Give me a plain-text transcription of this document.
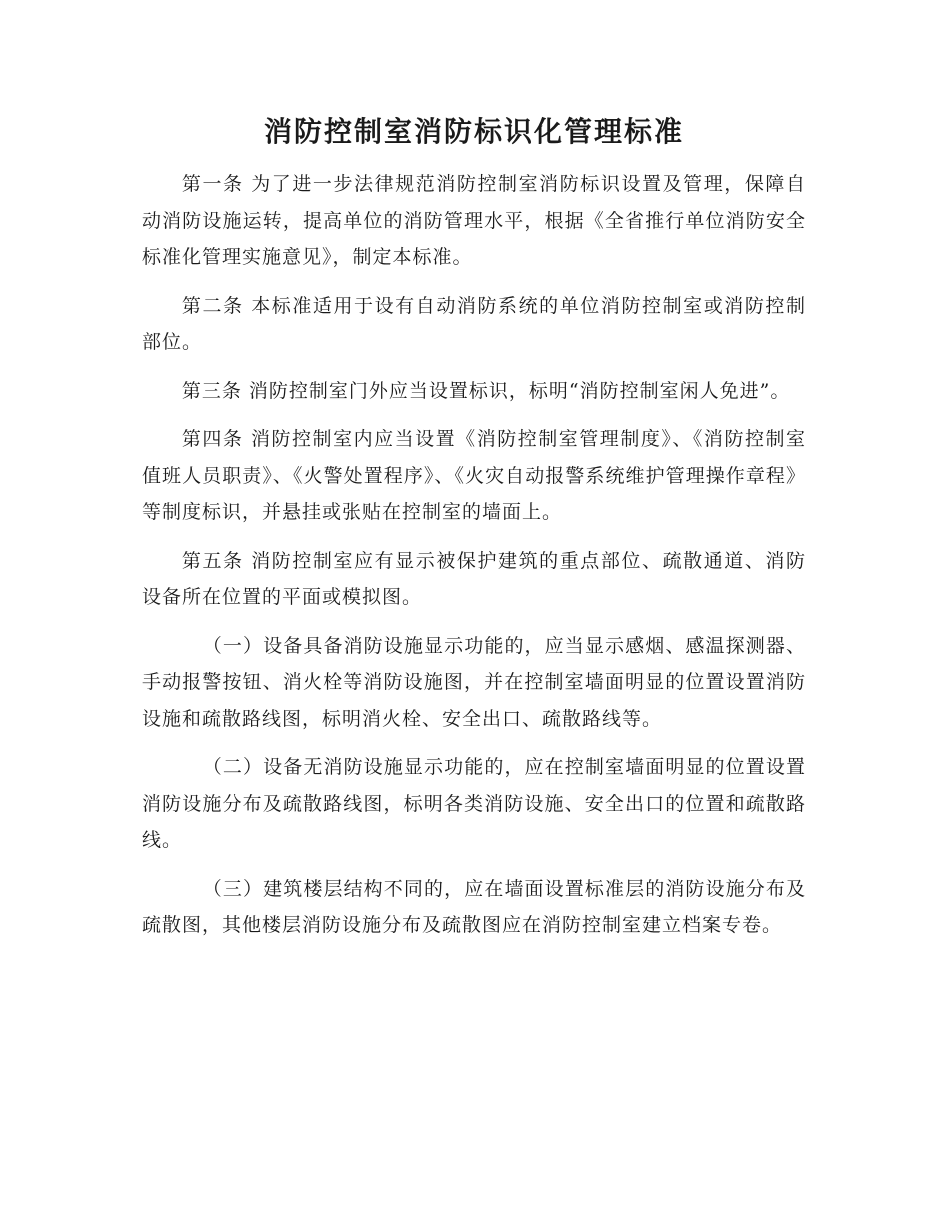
消防控制室消防标识化管理标准

第一条 为了进一步法律规范消防控制室消防标识设置及管理，保障自动消防设施运转，提高单位的消防管理水平，根据《全省推行单位消防安全标准化管理实施意见》，制定本标准。

第二条 本标准适用于设有自动消防系统的单位消防控制室或消防控制部位。

第三条 消防控制室门外应当设置标识，标明“消防控制室闲人免进”。

第四条 消防控制室内应当设置《消防控制室管理制度》、《消防控制室值班人员职责》、《火警处置程序》、《火灾自动报警系统维护管理操作章程》等制度标识，并悬挂或张贴在控制室的墙面上。

第五条 消防控制室应有显示被保护建筑的重点部位、疏散通道、消防设备所在位置的平面或模拟图。

（一）设备具备消防设施显示功能的，应当显示感烟、感温探测器、手动报警按钮、消火栓等消防设施图，并在控制室墙面明显的位置设置消防设施和疏散路线图，标明消火栓、安全出口、疏散路线等。

（二）设备无消防设施显示功能的，应在控制室墙面明显的位置设置消防设施分布及疏散路线图，标明各类消防设施、安全出口的位置和疏散路线。

（三）建筑楼层结构不同的，应在墙面设置标准层的消防设施分布及疏散图，其他楼层消防设施分布及疏散图应在消防控制室建立档案专卷。
